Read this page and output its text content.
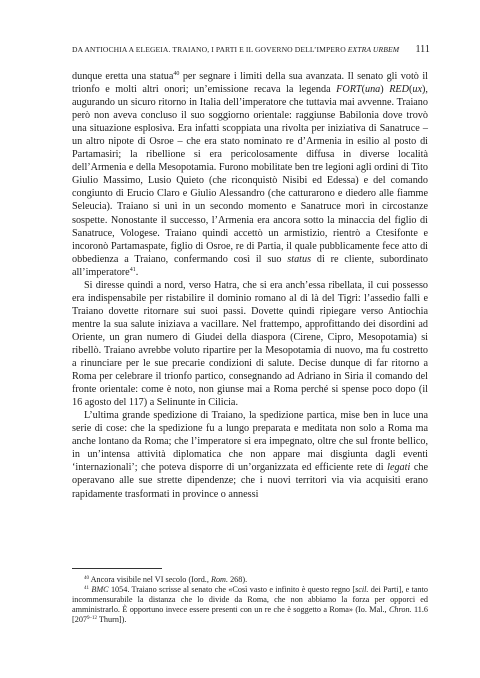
DA ANTIOCHIA A ELEGEIA. TRAIANO, I PARTI E IL GOVERNO DELL’IMPERO EXTRA URBEM 111

dunque eretta una statua$^{40}$ per segnare i limiti della sua avanzata. Il senato gli votò il trionfo e molti altri onori; un’emissione recava la legenda FORT(una) RED(ux), augurando un sicuro ritorno in Italia dell’imperatore che tuttavia mai avvenne. Traiano però non aveva concluso il suo soggiorno orientale: raggiunse Babilonia dove trovò una situazione esplosiva. Era infatti scoppiata una rivolta per iniziativa di Sanatruce – un altro nipote di Osroe – che era stato nominato re d’Armenia in esilio al posto di Partamasiri; la ribellione si era pericolosamente diffusa in diverse località dell’Armenia e della Mesopotamia. Furono mobilitate ben tre legioni agli ordini di Tito Giulio Massimo, Lusio Quieto (che riconquistò Nisibi ed Edessa) e del comando congiunto di Erucio Claro e Giulio Alessandro (che catturarono e diedero alle fiamme Seleucia). Traiano si unì in un secondo momento e Sanatruce morì in circostanze sospette. Nonostante il successo, l’Armenia era ancora sotto la minaccia del figlio di Sanatruce, Vologese. Traiano quindi accettò un armistizio, rientrò a Ctesifonte e incoronò Partamaspate, figlio di Osroe, re di Partia, il quale pubblicamente fece atto di obbedienza a Traiano, confermando così il suo status di re cliente, subordinato all’imperatore$^{41}$.

Si diresse quindi a nord, verso Hatra, che si era anch’essa ribellata, il cui possesso era indispensabile per ristabilire il dominio romano al di là del Tigri: l’assedio fallì e Traiano dovette ritornare sui suoi passi. Dovette quindi ripiegare verso Antiochia mentre la sua salute iniziava a vacillare. Nel frattempo, approfittando dei disordini ad Oriente, un gran numero di Giudei della diaspora (Cirene, Cipro, Mesopotamia) si ribellò. Traiano avrebbe voluto ripartire per la Mesopotamia di nuovo, ma fu costretto a rinunciare per le sue precarie condizioni di salute. Decise dunque di far ritorno a Roma per celebrare il trionfo partico, consegnando ad Adriano in Siria il comando del fronte orientale: come è noto, non giunse mai a Roma perché si spense poco dopo (il 16 agosto del 117) a Selinunte in Cilicia.

L’ultima grande spedizione di Traiano, la spedizione partica, mise ben in luce una serie di cose: che la spedizione fu a lungo preparata e meditata non solo a Roma ma anche lontano da Roma; che l’imperatore si era impegnato, oltre che sul fronte bellico, in un’intensa attività diplomatica che non appare mai disgiunta dagli eventi ‘internazionali’; che poteva disporre di un’organizzata ed efficiente rete di legati che operavano alle sue strette dipendenze; che i nuovi territori via via acquisiti erano rapidamente trasformati in province o annessi

$^{40}$ Ancora visibile nel VI secolo (Iord., Rom. 268).

$^{41}$ BMC 1054. Traiano scrisse al senato che «Così vasto e infinito è questo regno [scil. dei Parti], e tanto incommensurabile la distanza che lo divide da Roma, che non abbiamo la forza per opporci ed amministrarlo. È opportuno invece essere presenti con un re che è soggetto a Roma» (Io. Mal., Chron. 11.6 [207$^{9-12}$ Thurn]).
